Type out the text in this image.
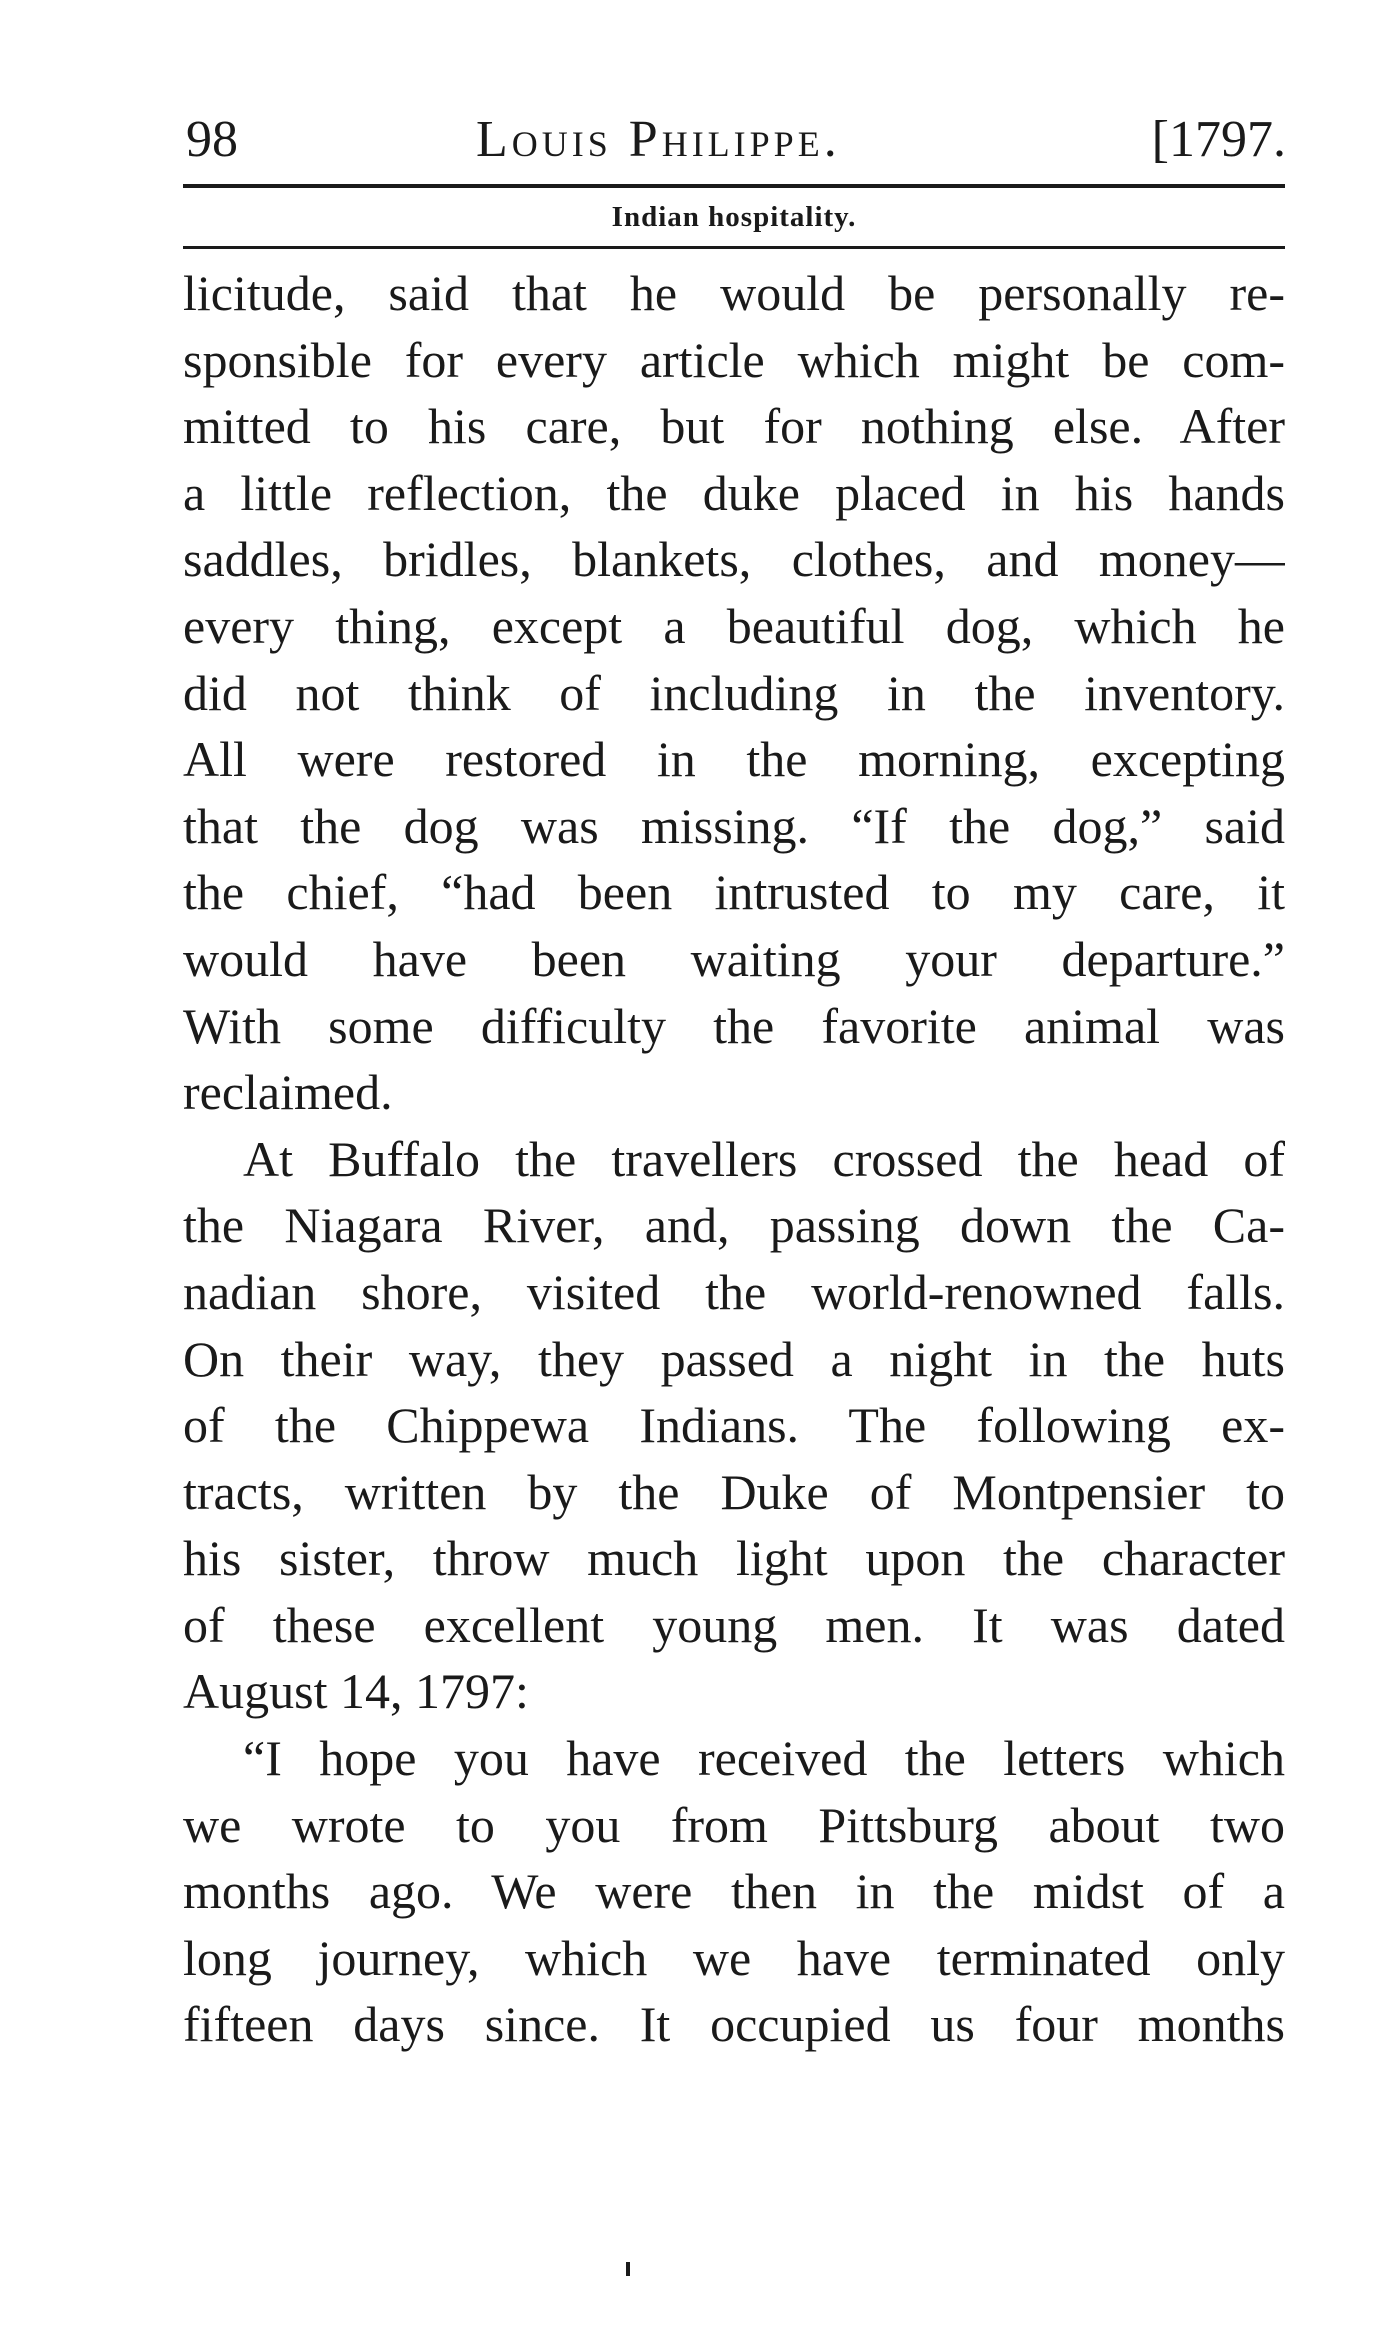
98	Louis Philippe.	[1797.
Indian hospitality.
licitude, said that he would be personally re-
sponsible for every article which might be com-
mitted to his care, but for nothing else. After
a little reflection, the duke placed in his hands
saddles, bridles, blankets, clothes, and money—
every thing, except a beautiful dog, which he
did not think of including in the inventory.
All were restored in the morning, excepting
that the dog was missing. “If the dog,” said
the chief, “had been intrusted to my care, it
would have been waiting your departure.”
With some difficulty the favorite animal was
reclaimed.
At Buffalo the travellers crossed the head of
the Niagara River, and, passing down the Ca-
nadian shore, visited the world-renowned falls.
On their way, they passed a night in the huts
of the Chippewa Indians. The following ex-
tracts, written by the Duke of Montpensier to
his sister, throw much light upon the character
of these excellent young men. It was dated
August 14, 1797:
“I hope you have received the letters which
we wrote to you from Pittsburg about two
months ago. We were then in the midst of a
long journey, which we have terminated only
fifteen days since. It occupied us four months
